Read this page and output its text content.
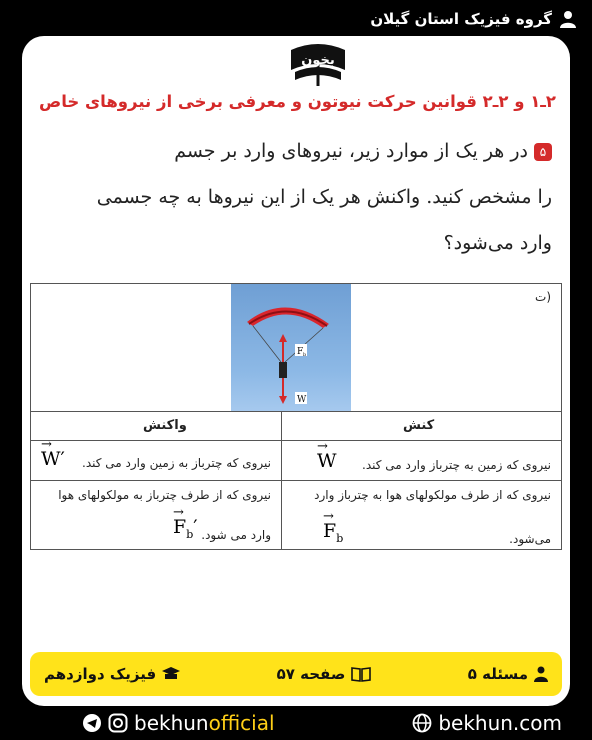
گروه فیزیک استان گیلان
بخون
۲ـ۱ و ۲ـ۲ قوانین حرکت نیوتون و معرفی برخی از نیروهای خاص
۵در هر یک از موارد زیر، نیروهای وارد بر جسم
را مشخص کنید. واکنش هر یک از این نیروها به چه جسمی
وارد می‌شود؟
ت)
F b
W
کنش
واکنش
نیروی که زمین به چترباز وارد می کند.
→
W
نیروی که چترباز به زمین وارد می کند.
→
W′
نیروی که از طرف مولکولهای هوا به چترباز وارد
می‌شود.
→
$F_b$
نیروی که از طرف چترباز به مولکولهای هوا
وارد می شود.
→
$F_b'$
مسئله ۵
صفحه ۵۷
فیزیک دوازدهم
bekhunofficial	bekhun.com
